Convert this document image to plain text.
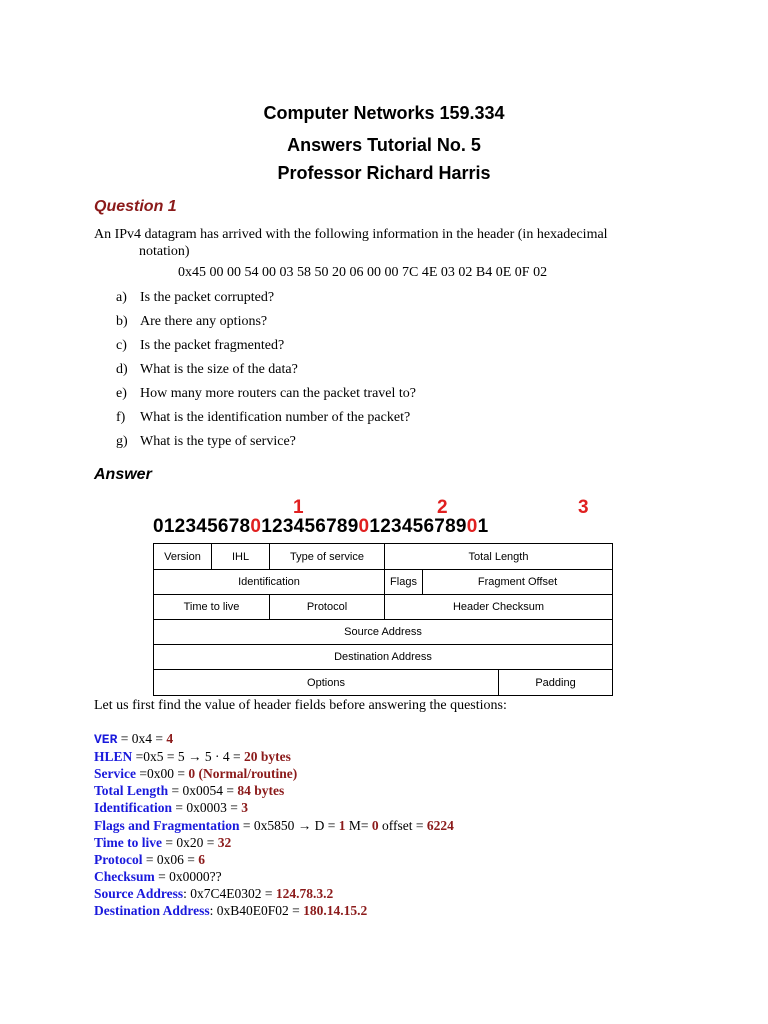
Computer Networks 159.334
Answers Tutorial No. 5
Professor Richard Harris
Question 1
An IPv4 datagram has arrived with the following information in the header (in hexadecimal
notation)
0x45 00 00 54 00 03 58 50 20 06 00 00 7C 4E 03 02 B4 0E 0F 02
a) Is the packet corrupted?
b) Are there any options?
c) Is the packet fragmented?
d) What is the size of the data?
e) How many more routers can the packet travel to?
f) What is the identification number of the packet?
g) What is the type of service?
Answer
1	2	3
0123456780123456789012345678901
Version	IHL	Type of service	Total Length
Identification	Flags	Fragment Offset
Time to live	Protocol	Header Checksum
Source Address
Destination Address
Options	Padding
Let us first find the value of header fields before answering the questions:
VER = 0x4 = 4
HLEN =0x5 = 5 → 5 · 4 = 20 bytes
Service =0x00 = 0 (Normal/routine)
Total Length = 0x0054 = 84 bytes
Identification = 0x0003 = 3
Flags and Fragmentation = 0x5850 → D = 1 M= 0 offset = 6224
Time to live = 0x20 = 32
Protocol = 0x06 = 6
Checksum = 0x0000??
Source Address: 0x7C4E0302 = 124.78.3.2
Destination Address: 0xB40E0F02 = 180.14.15.2
